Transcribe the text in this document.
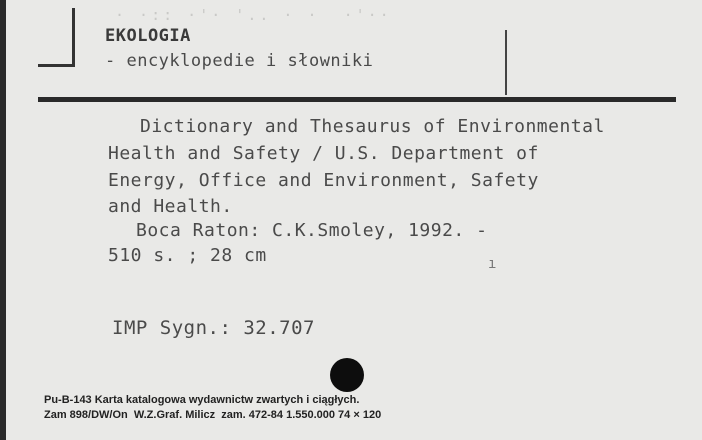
· ·:: ·'· '.. · ·  ·'··
EKOLOGIA
- encyklopedie i słowniki
Dictionary and Thesaurus of Environmental
Health and Safety / U.S. Department of
Energy, Office and Environment, Safety
and Health.
Boca Raton: C.K.Smoley, 1992. -
510 s. ; 28 cm	ı
IMP Sygn.: 32.707
Pu-B-143 Karta katalogowa wydawnictw zwartych i ciągłych.
Zam 898/DW/On  W.Z.Graf. Milicz  zam. 472-84 1.550.000 74 × 120
